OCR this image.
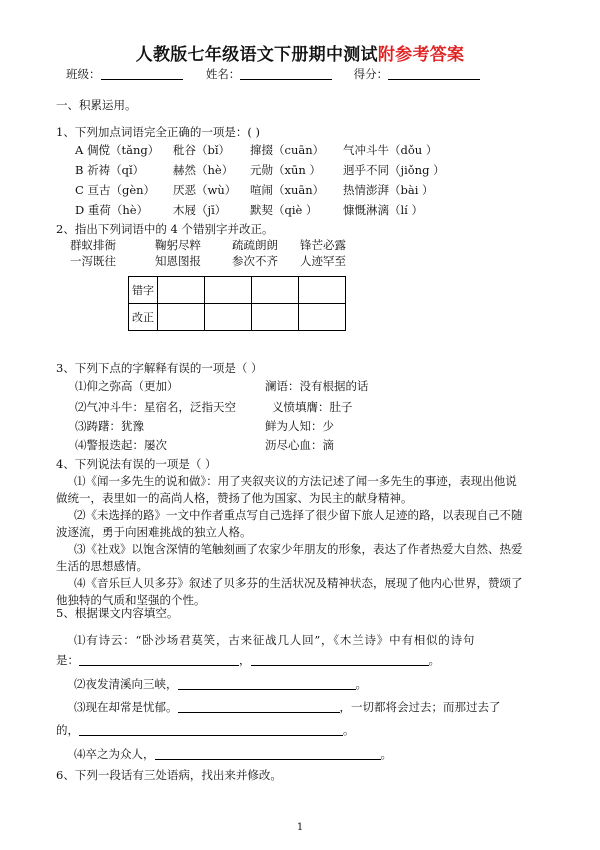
人教版七年级语文下册期中测试附参考答案
班级：	姓名：	得分：
一、积累运用。
1、下列加点词语完全正确的一项是：( )
A 倜傥（tǎng） 秕谷（bǐ） 撺掇（cuān） 气冲斗牛（dǒu ）
B 祈祷（qǐ）	赫然（hè） 元勋（xūn ） 迥乎不同（jiǒng ）
C 亘古（gèn） 厌恶（wù） 喧闹（xuān） 热情澎湃（bài ）
D 重荷（hè） 木屐（jī） 默契（qiè ） 慷慨淋漓（lí ）
2、指出下列词语中的 4 个错别字并改正。
群蚁排衙	鞠躬尽粹	疏疏朗朗 锋芒必露
一泻既往	知恩图报	参次不齐 人迹罕至
错字				
改正				
3、下列下点的字解释有误的一项是（ ）
⑴仰之弥高（更加）	澜语：没有根据的话
⑵气冲斗牛：星宿名，泛指天空	义愤填膺：肚子
⑶踌躇：犹豫	鲜为人知：少
⑷警报迭起：屡次	沥尽心血：滴
4、下列说法有误的一项是（ ）
⑴《闻一多先生的说和做》：用了夹叙夹议的方法记述了闻一多先生的事迹，表现出他说
做统一，表里如一的高尚人格，赞扬了他为国家、为民主的献身精神。
⑵《未选择的路》一文中作者重点写自己选择了很少留下旅人足迹的路，以表现自己不随
波逐流，勇于向困难挑战的独立人格。
⑶《社戏》以饱含深情的笔触刻画了农家少年朋友的形象，表达了作者热爱大自然、热爱
生活的思想感情。
⑷《音乐巨人贝多芬》叙述了贝多芬的生活状况及精神状态，展现了他内心世界，赞颂了
他独特的气质和坚强的个性。
5、根据课文内容填空。
⑴有诗云：“卧沙场君莫笑，古来征战几人回”，《木兰诗》中有相似的诗句
是：	，	。
⑵夜发清溪向三峡，	。
⑶现在却常是忧郁。	，一切都将会过去；而那过去了
的，	。
⑷卒之为众人，	。
6、下列一段话有三处语病，找出来并修改。
1
